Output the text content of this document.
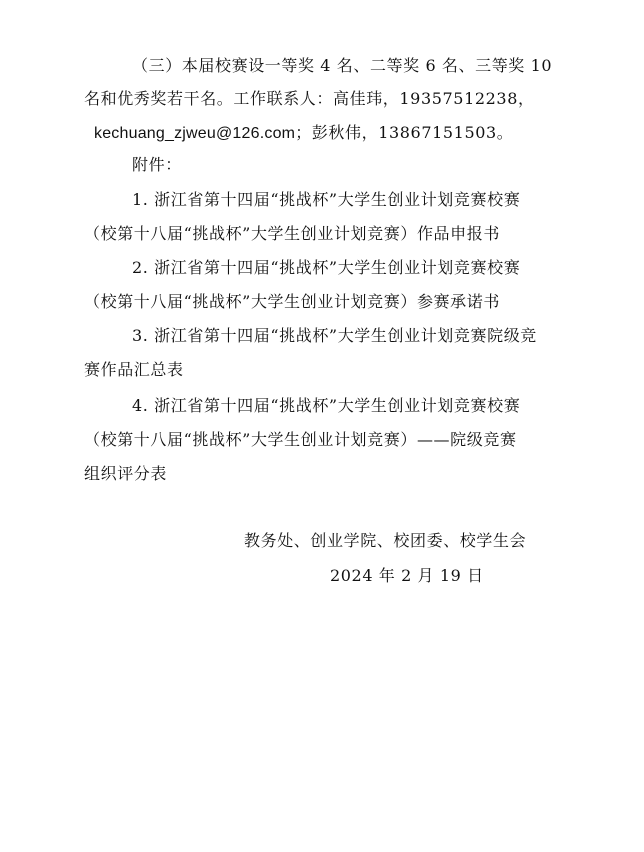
（三）本届校赛设一等奖 4 名、二等奖 6 名、三等奖 10
名和优秀奖若干名。工作联系人：高佳玮，19357512238，
kechuang_zjweu@126.com；彭秋伟，13867151503。
附件：
1. 浙江省第十四届“挑战杯”大学生创业计划竞赛校赛
（校第十八届“挑战杯”大学生创业计划竞赛）作品申报书
2. 浙江省第十四届“挑战杯”大学生创业计划竞赛校赛
（校第十八届“挑战杯”大学生创业计划竞赛）参赛承诺书
3. 浙江省第十四届“挑战杯”大学生创业计划竞赛院级竞
赛作品汇总表
4. 浙江省第十四届“挑战杯”大学生创业计划竞赛校赛
（校第十八届“挑战杯”大学生创业计划竞赛）——院级竞赛
组织评分表
教务处、创业学院、校团委、校学生会
2024 年 2 月 19 日
